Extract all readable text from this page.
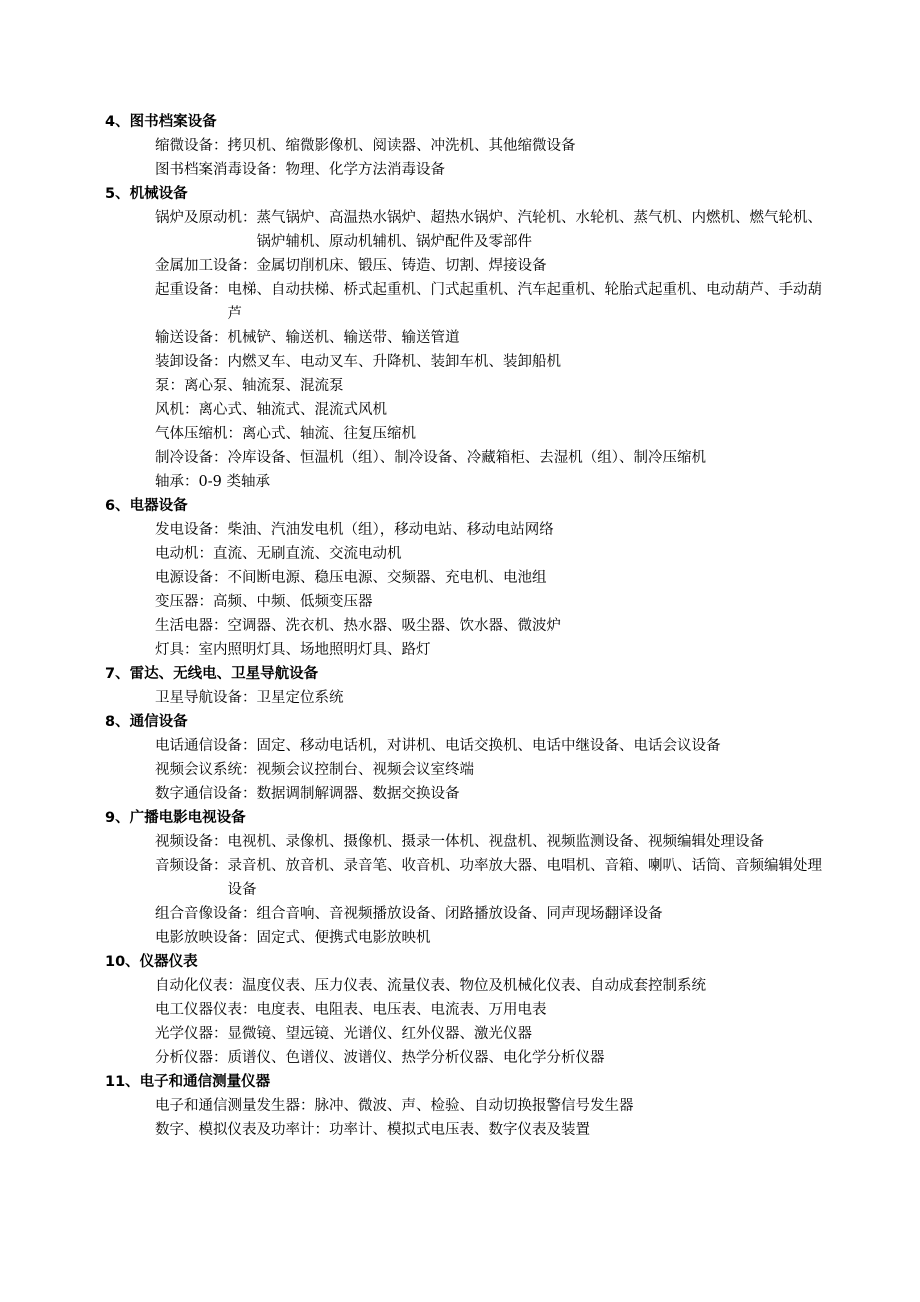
4、图书档案设备
缩微设备： 拷贝机、缩微影像机、阅读器、冲洗机、其他缩微设备
图书档案消毒设备： 物理、化学方法消毒设备
5、机械设备
锅炉及原动机： 蒸气锅炉、高温热水锅炉、超热水锅炉、汽轮机、水轮机、蒸气机、内燃机、燃气轮机、锅炉辅机、原动机辅机、锅炉配件及零部件
金属加工设备： 金属切削机床、锻压、铸造、切割、焊接设备
起重设备： 电梯、自动扶梯、桥式起重机、门式起重机、汽车起重机、轮胎式起重机、电动葫芦、手动葫芦
输送设备： 机械铲、输送机、输送带、输送管道
装卸设备： 内燃叉车、电动叉车、升降机、装卸车机、装卸船机
泵： 离心泵、轴流泵、混流泵
风机： 离心式、轴流式、混流式风机
气体压缩机： 离心式、轴流、往复压缩机
制冷设备： 冷库设备、恒温机（组）、制冷设备、冷藏箱柜、去湿机（组）、制冷压缩机
轴承： 0-9 类轴承
6、电器设备
发电设备： 柴油、汽油发电机（组），移动电站、移动电站网络
电动机： 直流、无刷直流、交流电动机
电源设备： 不间断电源、稳压电源、交频器、充电机、电池组
变压器： 高频、中频、低频变压器
生活电器： 空调器、洗衣机、热水器、吸尘器、饮水器、微波炉
灯具： 室内照明灯具、场地照明灯具、路灯
7、雷达、无线电、卫星导航设备
卫星导航设备： 卫星定位系统
8、通信设备
电话通信设备： 固定、移动电话机，对讲机、电话交换机、电话中继设备、电话会议设备
视频会议系统： 视频会议控制台、视频会议室终端
数字通信设备： 数据调制解调器、数据交换设备
9、广播电影电视设备
视频设备： 电视机、录像机、摄像机、摄录一体机、视盘机、视频监测设备、视频编辑处理设备
音频设备： 录音机、放音机、录音笔、收音机、功率放大器、电唱机、音箱、喇叭、话筒、音频编辑处理设备
组合音像设备： 组合音响、音视频播放设备、闭路播放设备、同声现场翻译设备
电影放映设备： 固定式、便携式电影放映机
10、仪器仪表
自动化仪表： 温度仪表、压力仪表、流量仪表、物位及机械化仪表、自动成套控制系统
电工仪器仪表： 电度表、电阻表、电压表、电流表、万用电表
光学仪器： 显微镜、望远镜、光谱仪、红外仪器、激光仪器
分析仪器： 质谱仪、色谱仪、波谱仪、热学分析仪器、电化学分析仪器
11、电子和通信测量仪器
电子和通信测量发生器： 脉冲、微波、声、检验、自动切换报警信号发生器
数字、模拟仪表及功率计： 功率计、模拟式电压表、数字仪表及装置
